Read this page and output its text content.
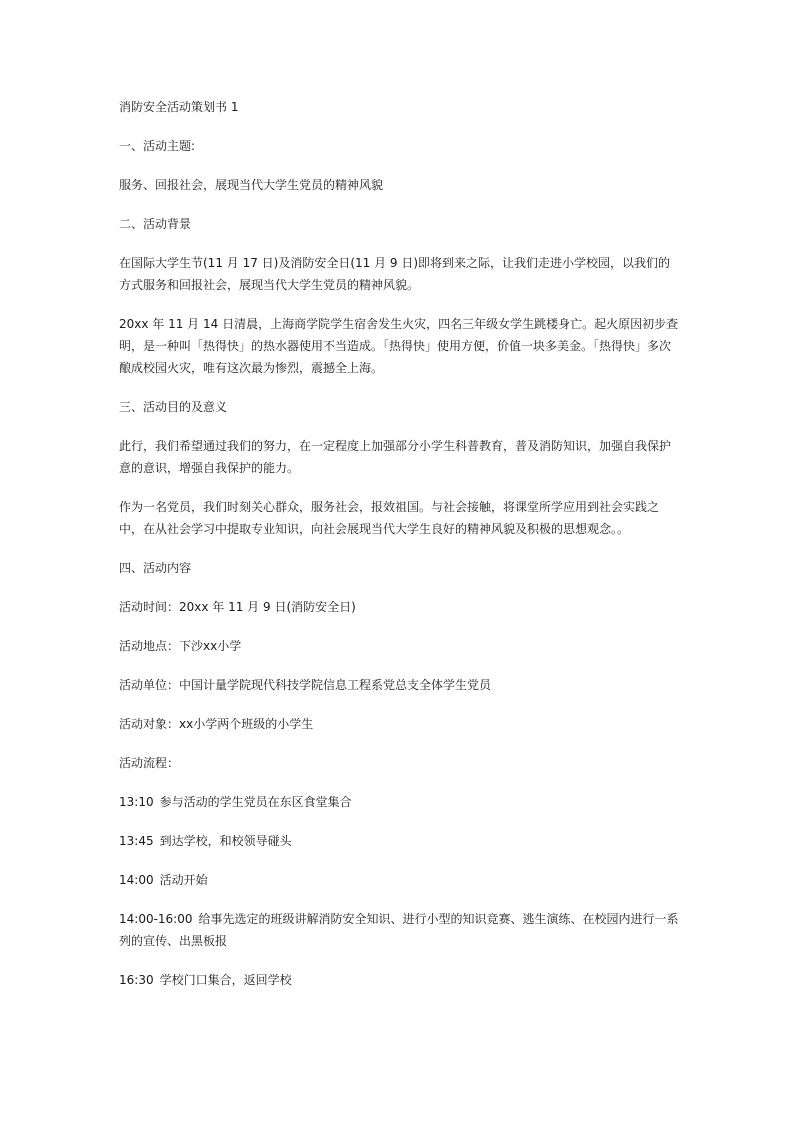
消防安全活动策划书 1

一、活动主题:

服务、回报社会，展现当代大学生党员的精神风貌

二、活动背景

在国际大学生节(11 月 17 日)及消防安全日(11 月 9 日)即将到来之际，让我们走进小学校园，以我们的方式服务和回报社会，展现当代大学生党员的精神风貌。

20xx 年 11 月 14 日清晨，上海商学院学生宿舍发生火灾，四名三年级女学生跳楼身亡。起火原因初步查明，是一种叫「热得快」的热水器使用不当造成。「热得快」使用方便，价值一块多美金。「热得快」多次酿成校园火灾，唯有这次最为惨烈，震撼全上海。

三、活动目的及意义

此行，我们希望通过我们的努力，在一定程度上加强部分小学生科普教育，普及消防知识，加强自我保护意的意识，增强自我保护的能力。

作为一名党员，我们时刻关心群众，服务社会，报效祖国。与社会接触，将课堂所学应用到社会实践之中，在从社会学习中提取专业知识，向社会展现当代大学生良好的精神风貌及积极的思想观念。。

四、活动内容

活动时间：20xx 年 11 月 9 日(消防安全日)

活动地点：下沙xx小学

活动单位：中国计量学院现代科技学院信息工程系党总支全体学生党员

活动对象：xx小学两个班级的小学生

活动流程：

13:10 参与活动的学生党员在东区食堂集合

13:45 到达学校，和校领导碰头

14:00 活动开始

14:00-16:00 给事先选定的班级讲解消防安全知识、进行小型的知识竞赛、逃生演练、在校园内进行一系列的宣传、出黑板报

16:30 学校门口集合，返回学校
